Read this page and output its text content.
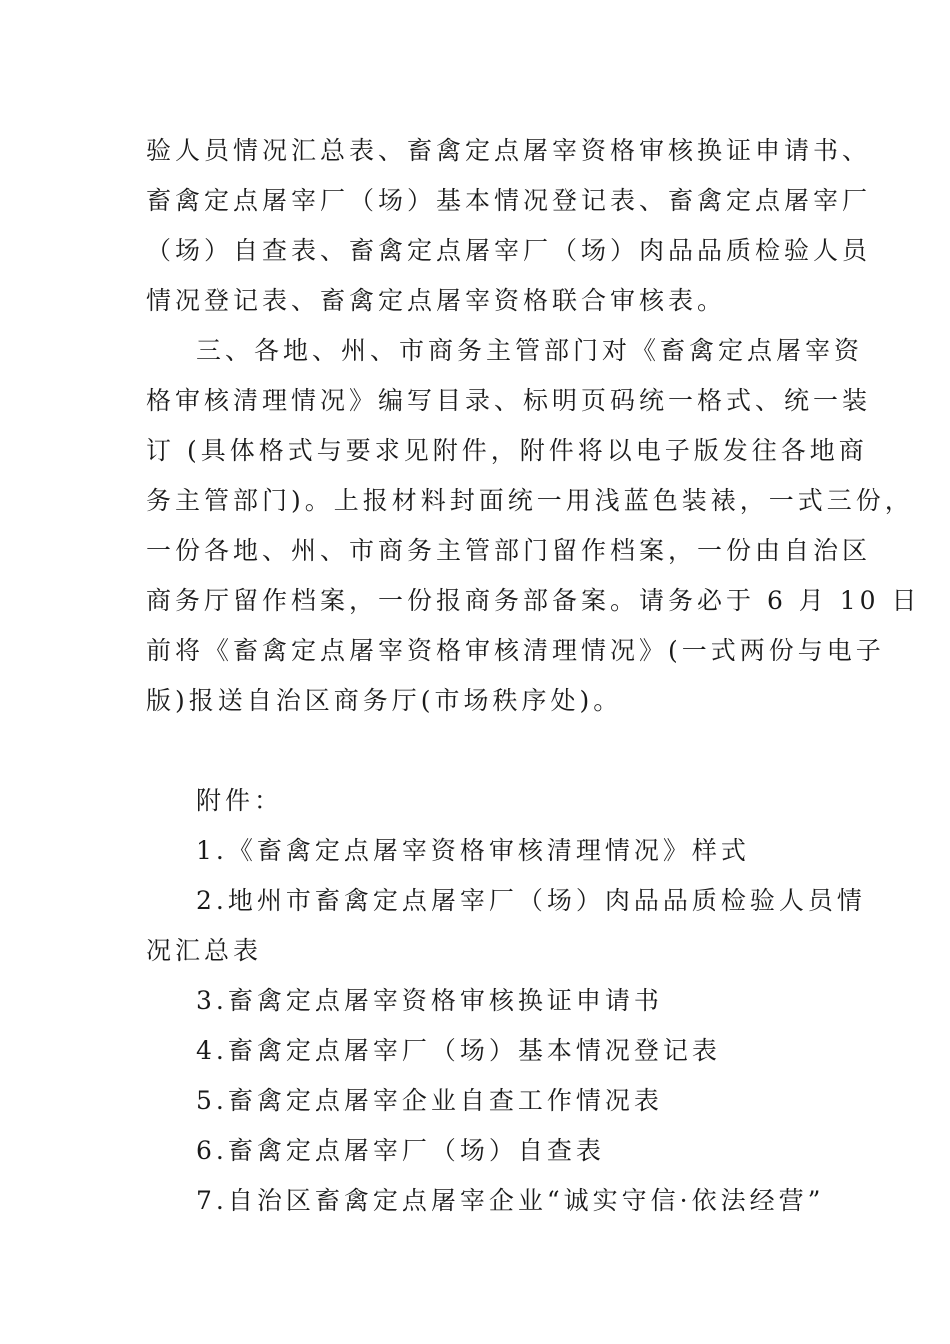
验人员情况汇总表、畜禽定点屠宰资格审核换证申请书、
畜禽定点屠宰厂（场）基本情况登记表、畜禽定点屠宰厂
（场）自查表、畜禽定点屠宰厂（场）肉品品质检验人员
情况登记表、畜禽定点屠宰资格联合审核表。
三、各地、州、市商务主管部门对《畜禽定点屠宰资
格审核清理情况》编写目录、标明页码统一格式、统一装
订 (具体格式与要求见附件，附件将以电子版发往各地商
务主管部门)。上报材料封面统一用浅蓝色装裱，一式三份，
一份各地、州、市商务主管部门留作档案，一份由自治区
商务厅留作档案，一份报商务部备案。请务必于 6 月 10 日
前将《畜禽定点屠宰资格审核清理情况》(一式两份与电子
版)报送自治区商务厅(市场秩序处)。
附件：
1.《畜禽定点屠宰资格审核清理情况》样式
2.地州市畜禽定点屠宰厂（场）肉品品质检验人员情
况汇总表
3.畜禽定点屠宰资格审核换证申请书
4.畜禽定点屠宰厂（场）基本情况登记表
5.畜禽定点屠宰企业自查工作情况表
6.畜禽定点屠宰厂（场）自查表
7.自治区畜禽定点屠宰企业“诚实守信·依法经营”
